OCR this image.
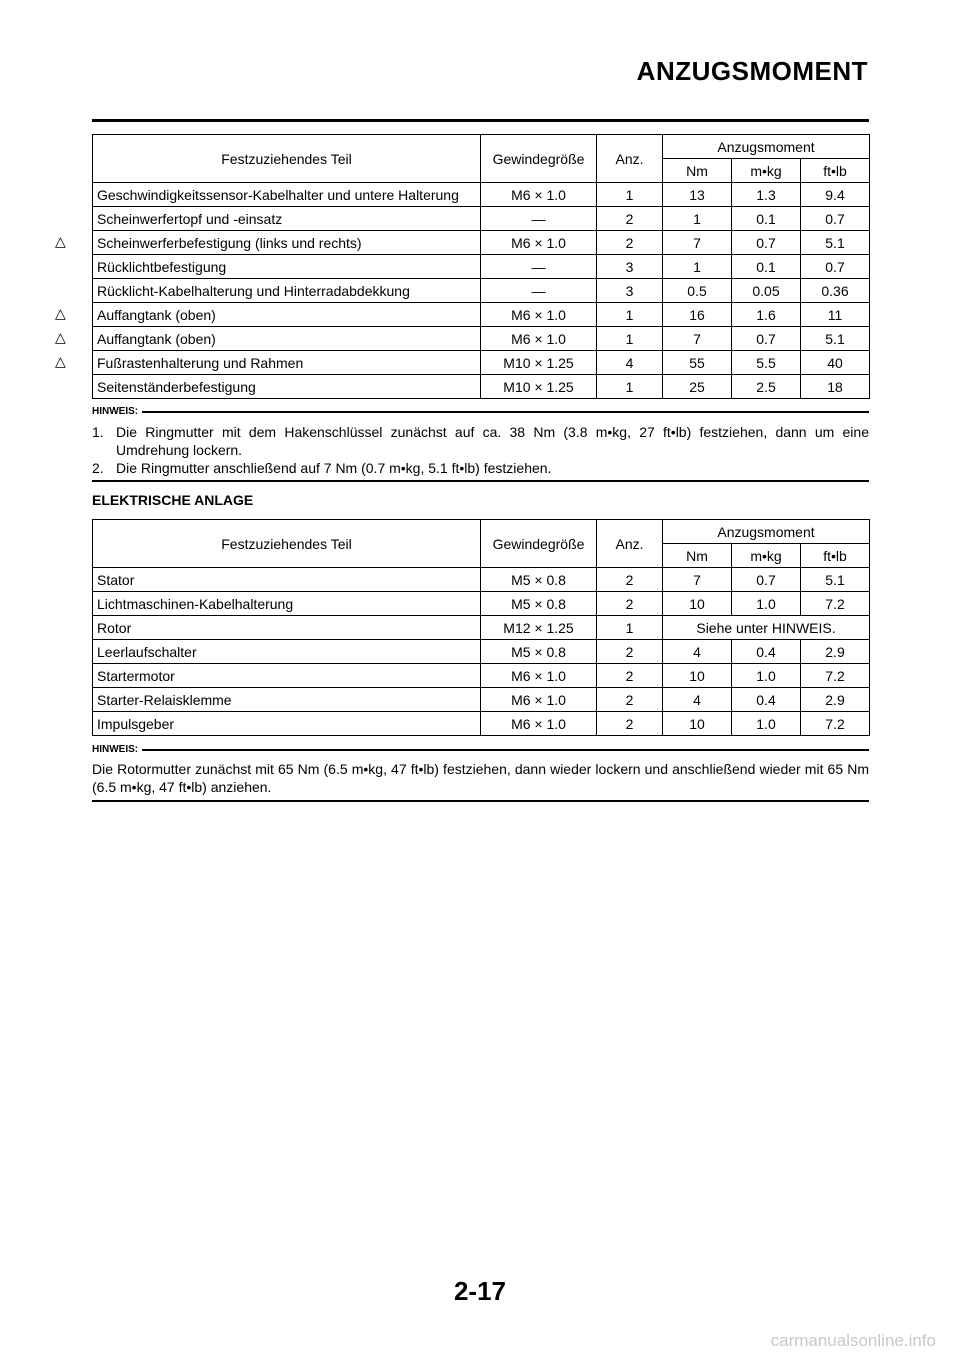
ANZUGSMOMENT
Festzuziehendes Teil	Gewindegröße	Anz.	Anzugsmoment		
			Nm	m•kg	ft•lb
Geschwindigkeitssensor-Kabelhalter und untere Halterung	M6 × 1.0	1	13	1.3	9.4
Scheinwerfertopf und -einsatz	—	2	1	0.1	0.7

△ Scheinwerferbefestigung (links und rechts)	M6 × 1.0	2	7	0.7	5.1
Rücklichtbefestigung	—	3	1	0.1	0.7
Rücklicht-Kabelhalterung und Hinterradabdekkung	—	3	0.5	0.05	0.36

△ Auffangtank (oben)	M6 × 1.0	1	16	1.6	11

△ Auffangtank (oben)	M6 × 1.0	1	7	0.7	5.1

△ Fußrastenhalterung und Rahmen	M10 × 1.25	4	55	5.5	40
Seitenständerbefestigung	M10 × 1.25	1	25	2.5	18
HINWEIS:
1. Die Ringmutter mit dem Hakenschlüssel zunächst auf ca. 38 Nm (3.8 m•kg, 27 ft•lb) festziehen, dann um eine Umdrehung lockern.
2. Die Ringmutter anschließend auf 7 Nm (0.7 m•kg, 5.1 ft•lb) festziehen.
ELEKTRISCHE ANLAGE
Festzuziehendes Teil	Gewindegröße	Anz.	Anzugsmoment		
			Nm	m•kg	ft•lb
Stator	M5 × 0.8	2	7	0.7	5.1
Lichtmaschinen-Kabelhalterung	M5 × 0.8	2	10	1.0	7.2
Rotor	M12 × 1.25	1	Siehe unter HINWEIS.		
Leerlaufschalter	M5 × 0.8	2	4	0.4	2.9
Startermotor	M6 × 1.0	2	10	1.0	7.2
Starter-Relaisklemme	M6 × 1.0	2	4	0.4	2.9
Impulsgeber	M6 × 1.0	2	10	1.0	7.2
HINWEIS:
Die Rotormutter zunächst mit 65 Nm (6.5 m•kg, 47 ft•lb) festziehen, dann wieder lockern und anschließend wieder mit 65 Nm (6.5 m•kg, 47 ft•lb) anziehen.
2-17
carmanualsonline.info
